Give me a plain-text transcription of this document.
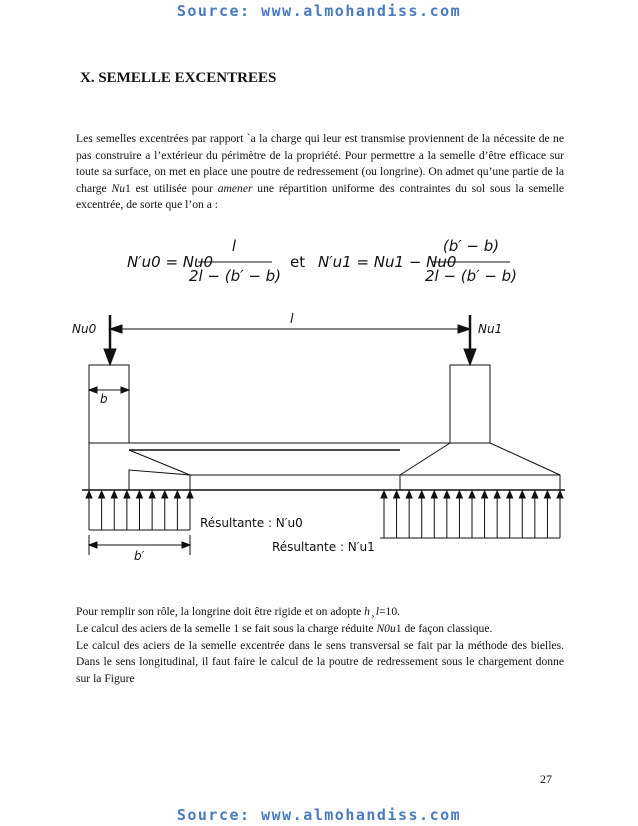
Source: www.almohandiss.com
X. SEMELLE EXCENTREES
Les semelles excentrées par rapport `a la charge qui leur est transmise proviennent de la nécessite de ne pas construire a l’extérieur du périmètre de la propriété. Pour permettre a la semelle d’être efficace sur toute sa surface, on met en place une poutre de redressement (ou longrine). On admet qu’une partie de la charge Nu1 est utilisée pour amener une répartition uniforme des contraintes du sol sous la semelle excentrée, de sorte que l’on a :
N′u0 = Nu0
l
2l − (b′ − b)
et N′u1 = Nu1 − Nu0
(b′ − b)
2l − (b′ − b)
Nu0	Nu1
l
b
b′
Résultante : N′u0
Résultante : N′u1
Pour remplir son rôle, la longrine doit être rigide et on adopte h ̧ l=10.
Le calcul des aciers de la semelle 1 se fait sous la charge réduite N0u1 de façon classique.
Le calcul des aciers de la semelle excentrée dans le sens transversal se fait par la méthode des bielles. Dans le sens longitudinal, il faut faire le calcul de la poutre de redressement sous le chargement donne sur la Figure
27
Source: www.almohandiss.com
